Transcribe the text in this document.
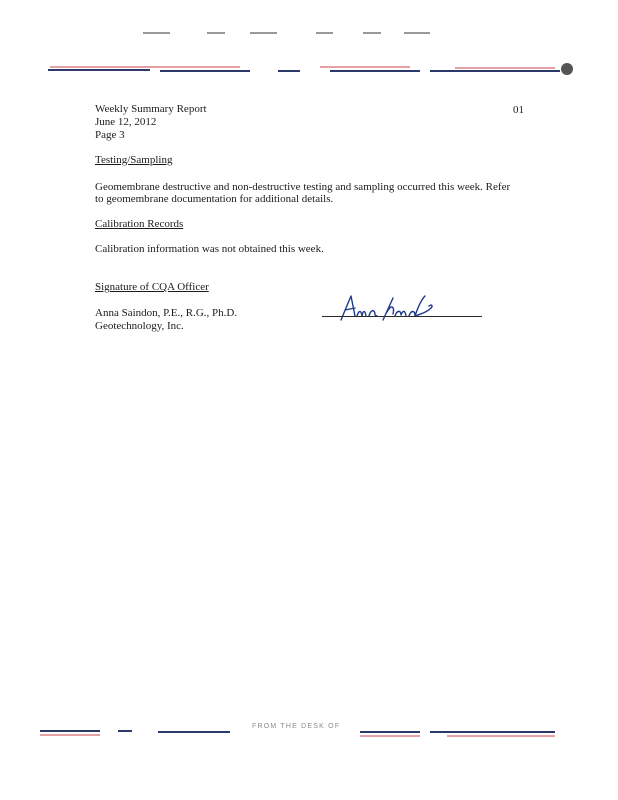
Weekly Summary Report
June 12, 2012
Page 3
01
Testing/Sampling
Geomembrane destructive and non-destructive testing and sampling occurred this week. Refer
to geomembrane documentation for additional details.
Calibration Records
Calibration information was not obtained this week.
Signature of CQA Officer
Anna Saindon, P.E., R.G., Ph.D.
Geotechnology, Inc.
FROM THE DESK OF
